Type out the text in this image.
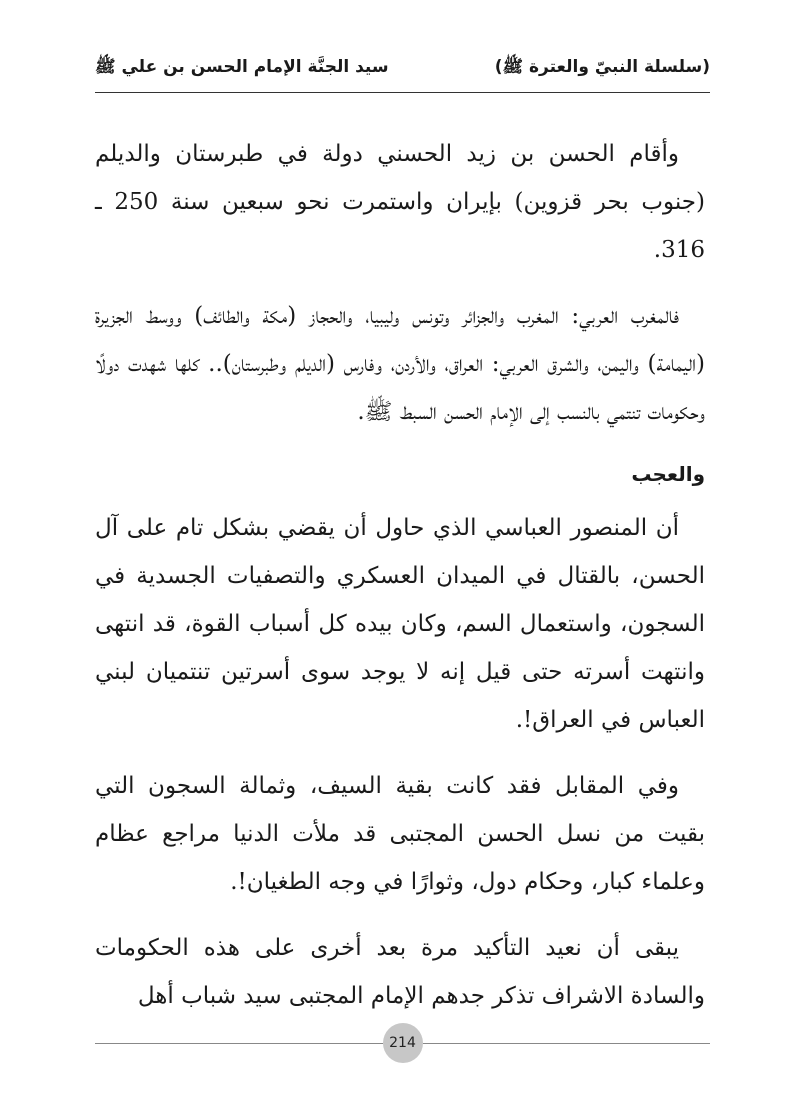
(سلسلة النبيّ والعترة ﷺ)
سيد الجنَّة الإمام الحسن بن علي ﷺ

وأقام الحسن بن زيد الحسني دولة في طبرستان والديلم (جنوب بحر قزوين) بإيران واستمرت نحو سبعين سنة 250 ـ 316.

فالمغرب العربي: المغرب والجزائر وتونس وليبيا، والحجاز (مكة والطائف) ووسط الجزيرة (اليمامة) واليمن، والشرق العربي: العراق، والأردن، وفارس (الديلم وطبرستان).. كلها شهدت دولًا وحكومات تنتمي بالنسب إلى الإمام الحسن السبط ﷺ.

والعجب

أن المنصور العباسي الذي حاول أن يقضي بشكل تام على آل الحسن، بالقتال في الميدان العسكري والتصفيات الجسدية في السجون، واستعمال السم، وكان بيده كل أسباب القوة، قد انتهى وانتهت أسرته حتى قيل إنه لا يوجد سوى أسرتين تنتميان لبني العباس في العراق!.

وفي المقابل فقد كانت بقية السيف، وثمالة السجون التي بقيت من نسل الحسن المجتبى قد ملأت الدنيا مراجع عظام وعلماء كبار، وحكام دول، وثوارًا في وجه الطغيان!.

يبقى أن نعيد التأكيد مرة بعد أخرى على هذه الحكومات والسادة الاشراف تذكر جدهم الإمام المجتبى سيد شباب أهل

214
